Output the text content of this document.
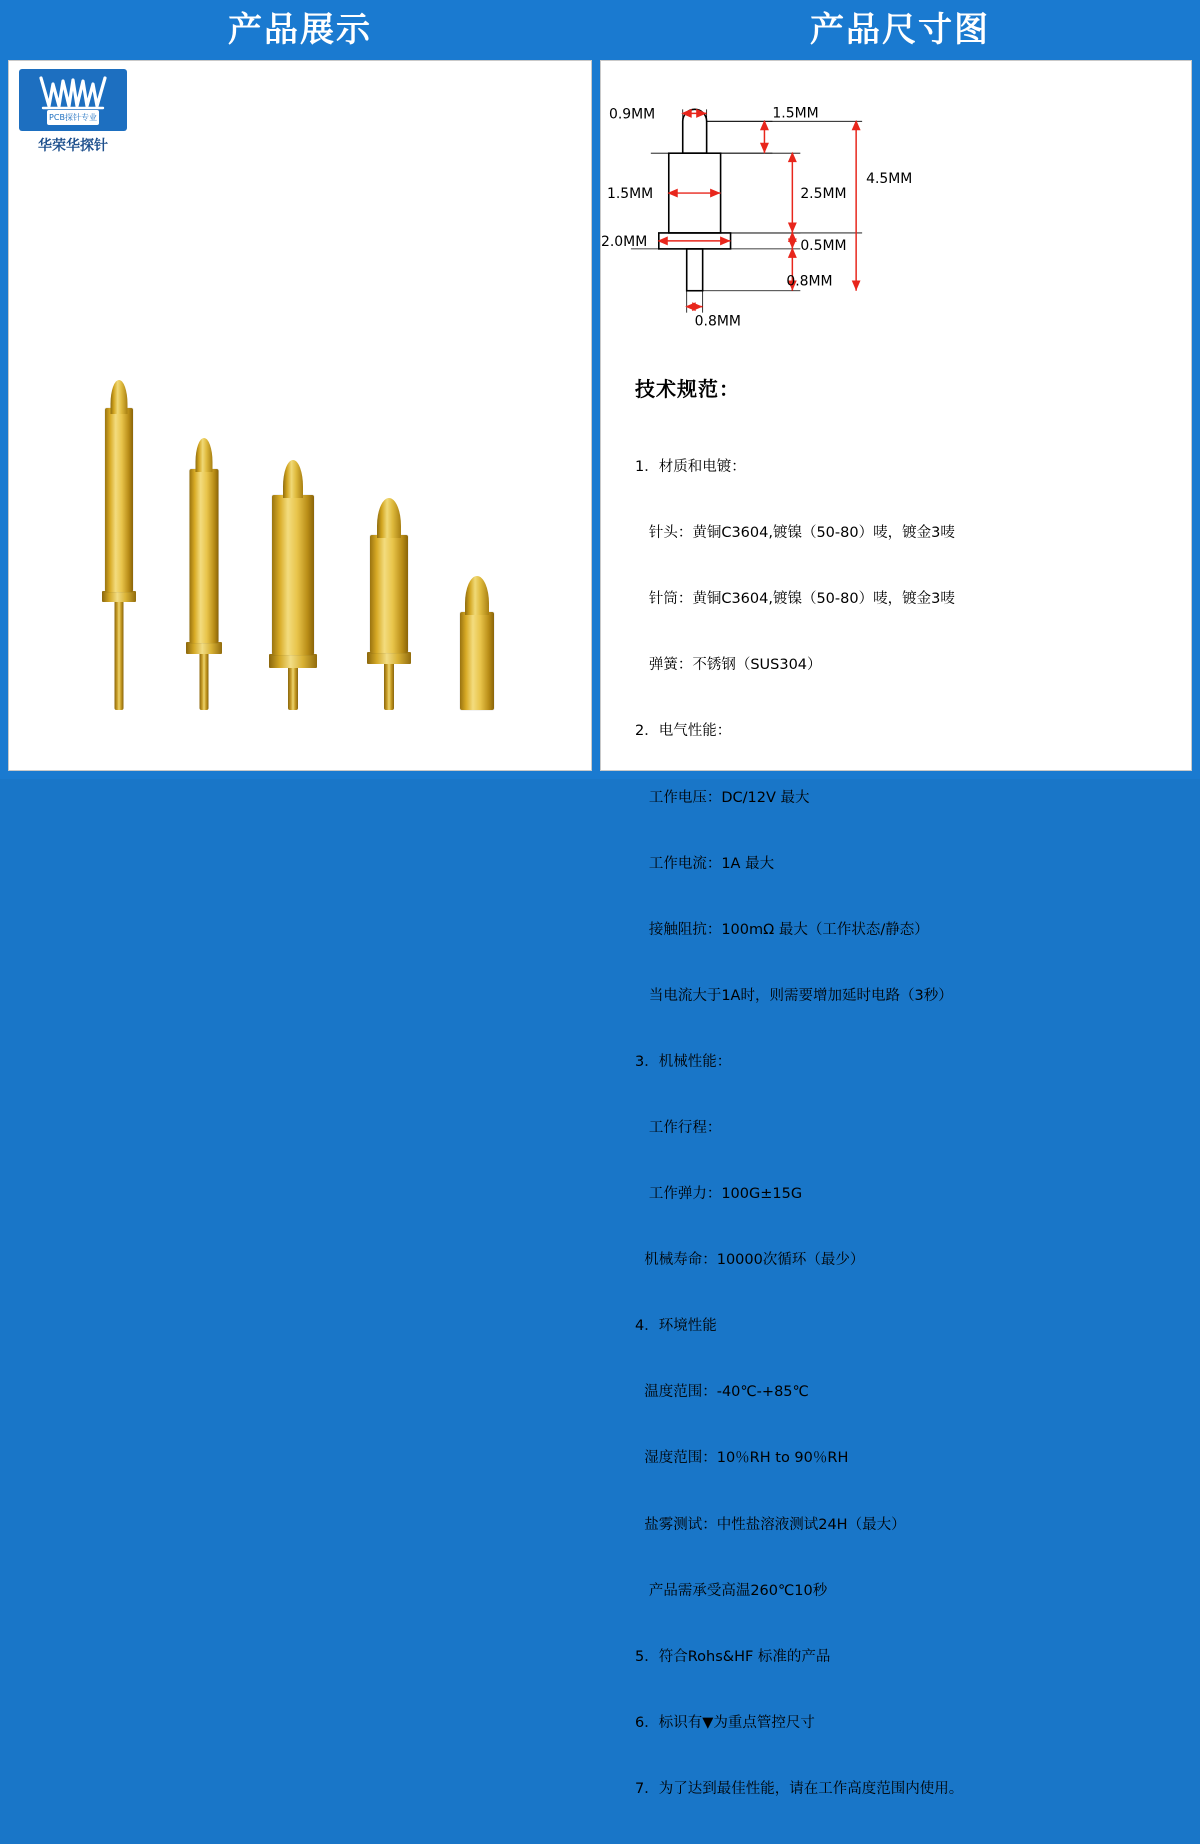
产品展示	产品尺寸图
PCB探针专业
华荣华探针
0.9MM	1.5MM
1.5MM	2.5MM
4.5MM
2.0MM	0.5MM
0.8MM
0.8MM
技术规范：

1．材质和电镀：

针头：黄铜C3604,镀镍（50-80）唛，镀金3唛

针筒：黄铜C3604,镀镍（50-80）唛，镀金3唛

弹簧：不锈钢（SUS304）

2．电气性能：

工作电压：DC/12V 最大

工作电流：1A 最大

接触阻抗：100mΩ 最大（工作状态/静态）

当电流大于1A时，则需要增加延时电路（3秒）

3．机械性能：

工作行程：

工作弹力：100G±15G

机械寿命：10000次循环（最少）

4．环境性能

温度范围：-40℃-+85℃

湿度范围：10％RH to 90％RH

盐雾测试：中性盐溶液测试24H（最大）

产品需承受高温260℃10秒

5．符合Rohs&HF 标准的产品

6．标识有▼为重点管控尺寸

7．为了达到最佳性能，请在工作高度范围内使用。
